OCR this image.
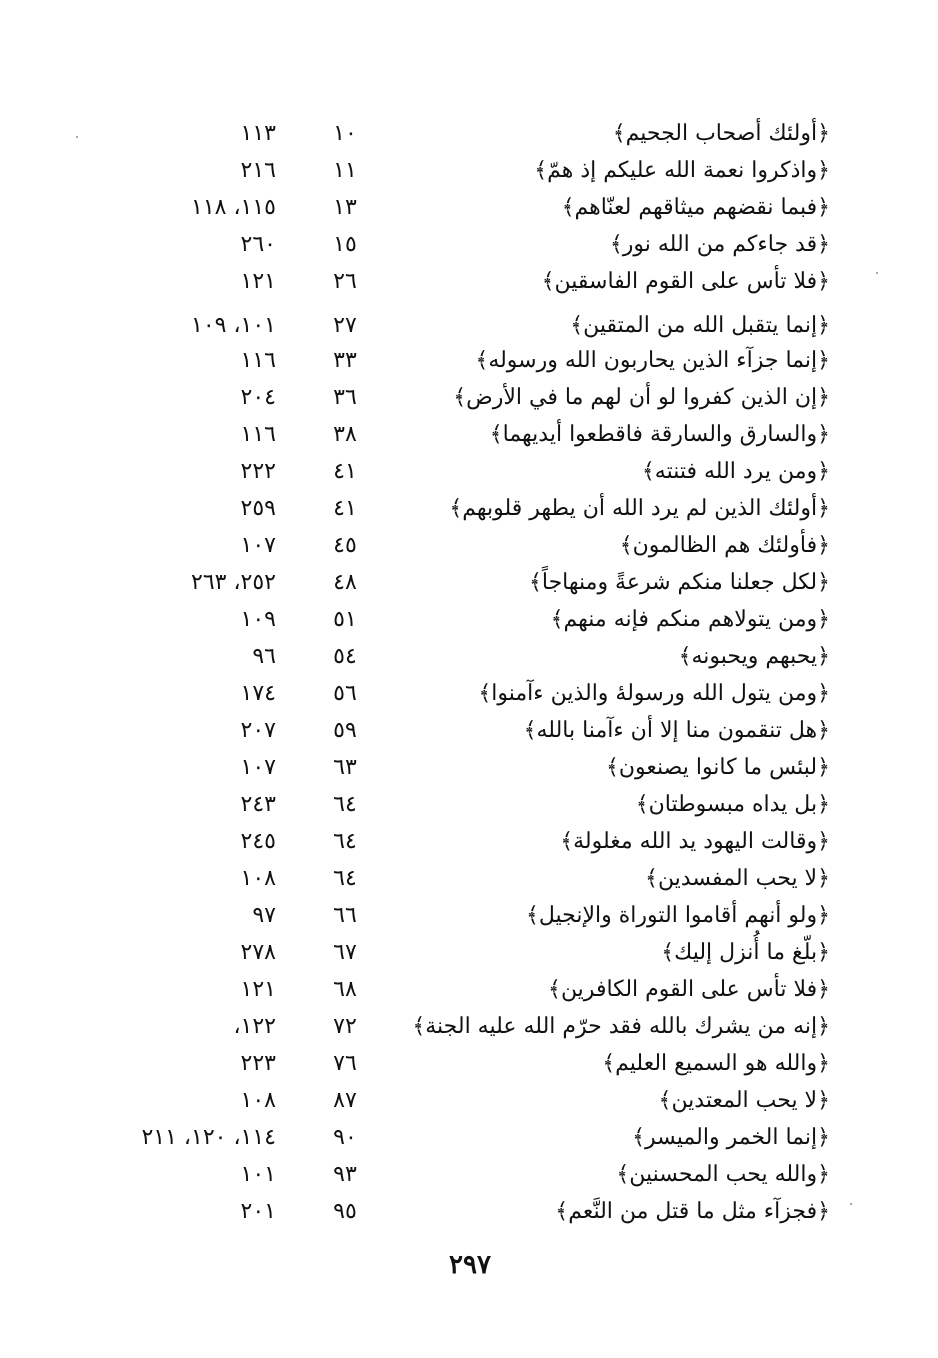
﴿أولئك أصحاب الجحيم﴾
١٠
١١٣
﴿واذكروا نعمة الله عليكم إذ همّ﴾
١١
٢١٦
﴿فبما نقضهم ميثاقهم لعنّاهم﴾
١٣
١١٥، ١١٨
﴿قد جاءكم من الله نور﴾
١٥
٢٦٠
﴿فلا تأس على القوم الفاسقين﴾
٢٦
١٢١
﴿إنما يتقبل الله من المتقين﴾
٢٧
١٠١، ١٠٩
﴿إنما جزآء الذين يحاربون الله ورسوله﴾
٣٣
١١٦
﴿إن الذين كفروا لو أن لهم ما في الأرض﴾
٣٦
٢٠٤
﴿والسارق والسارقة فاقطعوا أيديهما﴾
٣٨
١١٦
﴿ومن يرد الله فتنته﴾
٤١
٢٢٢
﴿أولئك الذين لم يرد الله أن يطهر قلوبهم﴾
٤١
٢٥٩
﴿فأولئك هم الظالمون﴾
٤٥
١٠٧
﴿لكل جعلنا منكم شرعةً ومنهاجاً﴾
٤٨
٢٥٢، ٢٦٣
﴿ومن يتولاهم منكم فإنه منهم﴾
٥١
١٠٩
﴿يحبهم ويحبونه﴾
٥٤
٩٦
﴿ومن يتول الله ورسولهٔ والذين ءآمنوا﴾
٥٦
١٧٤
﴿هل تنقمون منا إلا أن ءآمنا بالله﴾
٥٩
٢٠٧
﴿لبئس ما كانوا يصنعون﴾
٦٣
١٠٧
﴿بل يداه مبسوطتان﴾
٦٤
٢٤٣
﴿وقالت اليهود يد الله مغلولة﴾
٦٤
٢٤٥
﴿لا يحب المفسدين﴾
٦٤
١٠٨
﴿ولو أنهم أقاموا التوراة والإنجيل﴾
٦٦
٩٧
﴿بلّغ ما أُنزل إليك﴾
٦٧
٢٧٨
﴿فلا تأس على القوم الكافرين﴾
٦٨
١٢١
﴿إنه من يشرك بالله فقد حرّم الله عليه الجنة﴾
٧٢
١٢٢،
﴿والله هو السميع العليم﴾
٧٦
٢٢٣
﴿لا يحب المعتدين﴾
٨٧
١٠٨
﴿إنما الخمر والميسر﴾
٩٠
١١٤، ١٢٠، ٢١١
﴿والله يحب المحسنين﴾
٩٣
١٠١
﴿فجزآء مثل ما قتل من النَّعم﴾
٩٥
٢٠١
٢٩٧
